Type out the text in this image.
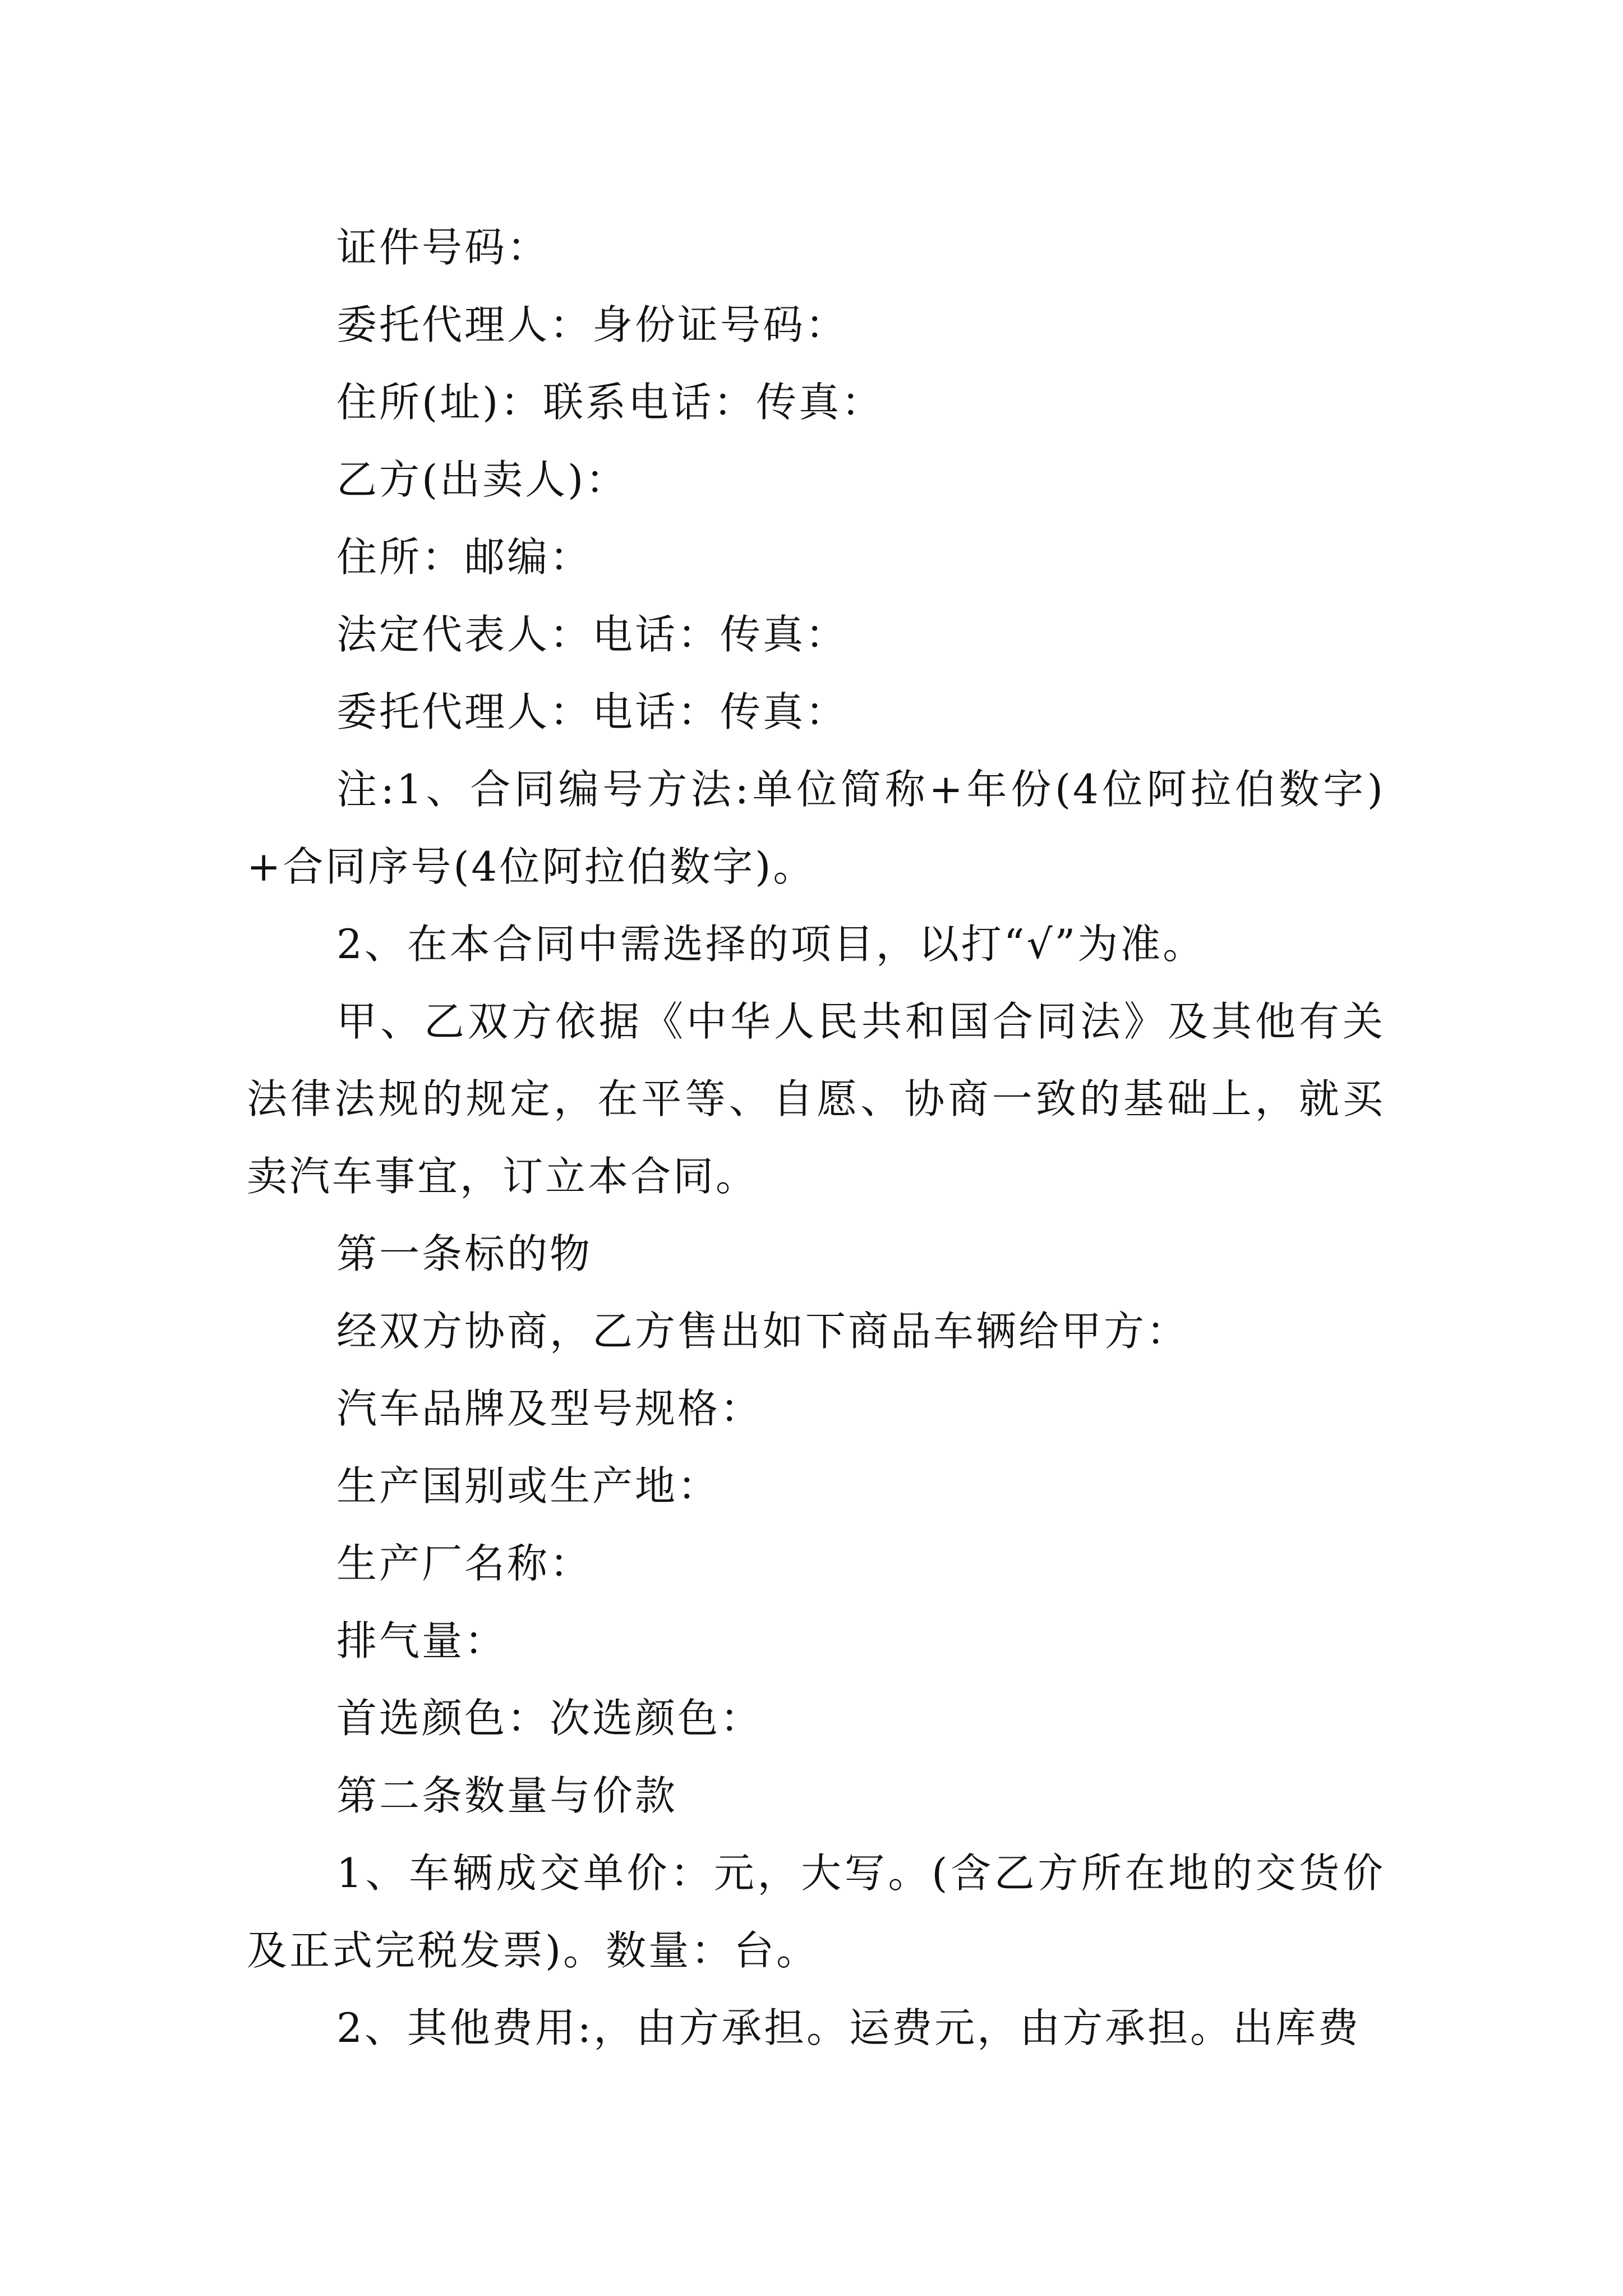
证件号码：

委托代理人：身份证号码：

住所(址)：联系电话：传真：

乙方(出卖人)：

住所：邮编：

法定代表人：电话：传真：

委托代理人：电话：传真：

注:1、合同编号方法:单位简称+年份(4位阿拉伯数字)+合同序号(4位阿拉伯数字)。

2、在本合同中需选择的项目，以打“√”为准。

甲、乙双方依据《中华人民共和国合同法》及其他有关法律法规的规定，在平等、自愿、协商一致的基础上，就买卖汽车事宜，订立本合同。

第一条标的物

经双方协商，乙方售出如下商品车辆给甲方：

汽车品牌及型号规格：

生产国别或生产地：

生产厂名称：

排气量：

首选颜色：次选颜色：

第二条数量与价款

1、车辆成交单价：元，大写。(含乙方所在地的交货价及正式完税发票)。数量：台。

2、其他费用:，由方承担。运费元，由方承担。出库费
